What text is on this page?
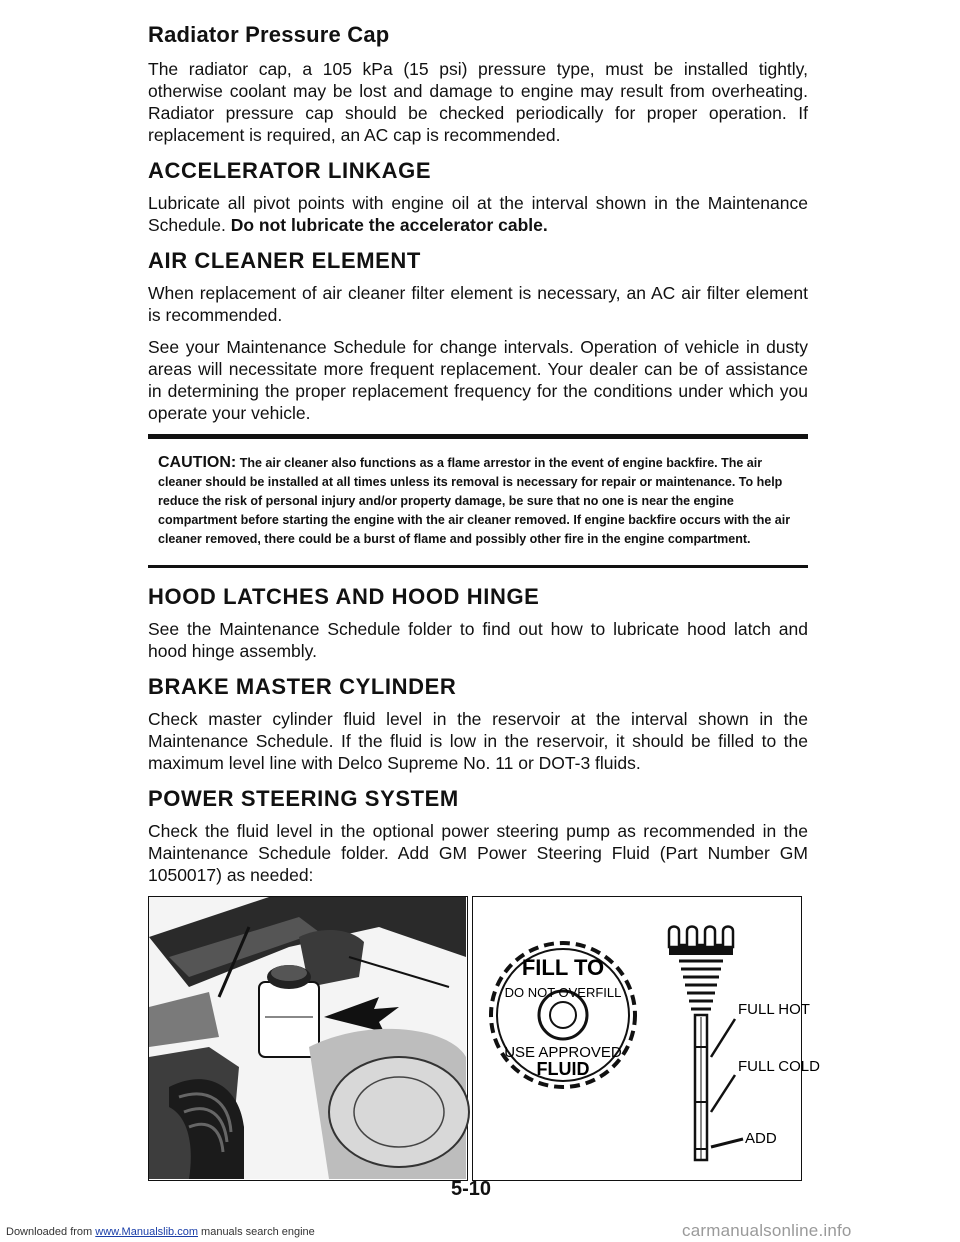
Radiator Pressure Cap

The radiator cap, a 105 kPa (15 psi) pressure type, must be installed tightly, otherwise coolant may be lost and damage to engine may result from overheating. Radiator pressure cap should be checked periodically for proper operation. If replacement is required, an AC cap is recommended.

ACCELERATOR LINKAGE

Lubricate all pivot points with engine oil at the interval shown in the Maintenance Schedule. Do not lubricate the accelerator cable.

AIR CLEANER ELEMENT

When replacement of air cleaner filter element is necessary, an AC air filter element is recommended.

See your Maintenance Schedule for change intervals. Operation of vehicle in dusty areas will necessitate more frequent replacement. Your dealer can be of assistance in determining the proper replacement frequency for the conditions under which you operate your vehicle.

CAUTION: The air cleaner also functions as a flame arrestor in the event of engine backfire. The air cleaner should be installed at all times unless its removal is necessary for repair or maintenance. To help reduce the risk of personal injury and/or property damage, be sure that no one is near the engine compartment before starting the engine with the air cleaner removed. If engine backfire occurs with the air cleaner removed, there could be a burst of flame and possibly other fire in the engine compartment.
HOOD LATCHES AND HOOD HINGE

See the Maintenance Schedule folder to find out how to lubricate hood latch and hood hinge assembly.

BRAKE MASTER CYLINDER

Check master cylinder fluid level in the reservoir at the interval shown in the Maintenance Schedule. If the fluid is low in the reservoir, it should be filled to the maximum level line with Delco Supreme No. 11 or DOT-3 fluids.

POWER STEERING SYSTEM

Check the fluid level in the optional power steering pump as recommended in the Maintenance Schedule folder. Add GM Power Steering Fluid (Part Number GM 1050017) as needed:

FILL TO
DO NOT OVERFILL
USE APPROVED
FLUID
FULL HOT
FULL COLD
ADD
5-10
Downloaded from www.Manualslib.com manuals search engine	carmanualsonline.info
